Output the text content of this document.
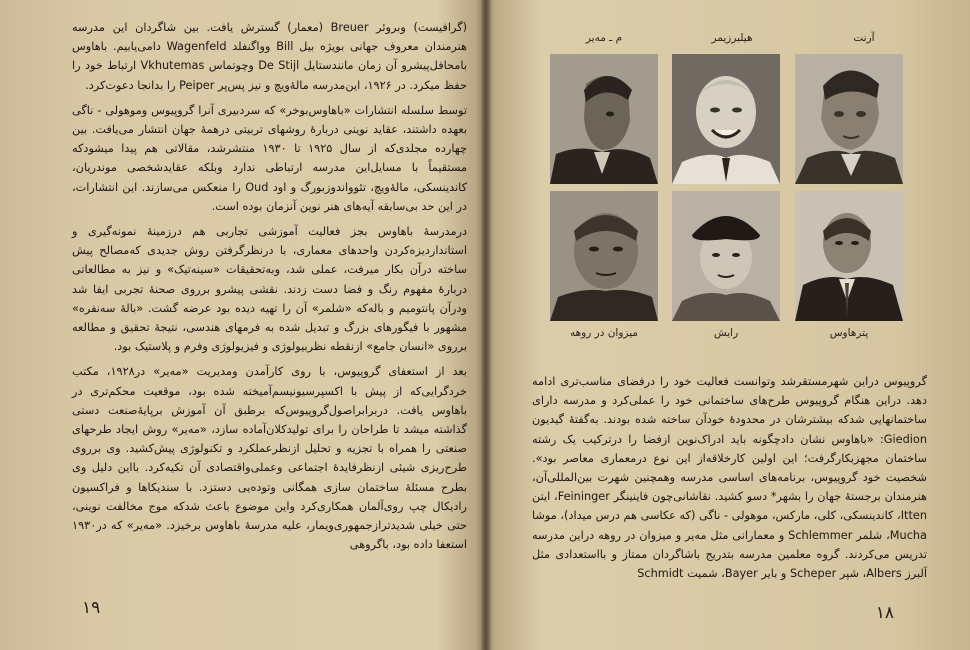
(گرافیست) وبروئر Breuer (معمار) گسترش یافت. بین شاگردان این مدرسه هنرمندان معروف جهانی بویژه بیل Bill وواگنفلد Wagenfeld دامی‌یابیم. باهاوس بامحافل‌پیشرو آن زمان مانند‌ستایل De Stijl وچوتماس Vkhutemas ارتباط خود را حفظ میکرد. در ۱۹۲۶، این‌مدرسه مالهٔ‌ویچ و نیز پس‌پر Peiper را بدانجا دعوت‌کرد.

توسط سلسله انتشارات «باهاوس‌بوخر» که سردبیری آنرا گروپیوس وموهولی - ناگی بعهده داشتند، عقاید نوینی دربارهٔ روشهای تربیتی درهمهٔ جهان انتشار می‌یافت. بین چهارده مجلدی‌که از سال ۱۹۲۵ تا ۱۹۳۰ منتشرشد، مقالاتی هم پیدا میشودکه مستقیماً با مسایل‌این مدرسه ارتباطی ندارد وبلکه عقایدشخصی موندریان، کاندینسکی، مالهٔ‌ویچ، تئوواندوزبورگ و اود Oud را منعکس می‌سازند. این انتشارات، در این حد بی‌سابقه آیه‌های هنر نوین آنزمان بوده است.

درمدرسهٔ باهاوس بجز فعالیت آموزشی تجاربی هم درزمینهٔ نمونه‌گیری و استانداردیزه‌کردن واحدهای معماری، با درنظرگرفتن روش جدیدی که‌مصالح پیش ساخته درآن بکار میرفت، عملی شد، وبه‌تحقیقات «سینه‌تیک» و نیز به مطالعاتی دربارهٔ مفهوم رنگ و فضا دست زدند. نقشی پیشرو برروی صحنهٔ تجربی ایفا شد ودرآن پانتومیم و باله‌که «شلمر» آن را تهیه دیده بود عرضه گشت. «بالهٔ سه‌نفره» مشهور با فیگورهای بزرگ و تبدیل شده به فرمهای هندسی، نتیجهٔ تحقیق و مطالعه برروی «انسان جامع» ازنقطه نظربیولوژی و فیزیولوژی وفرم و پلاستیک بود.

بعد از استعفای گروپیوس، با روی کارآمدن ومدیریت «مه‌یر» در۱۹۲۸، مکتب خردگرایی‌که از پیش با اکسپرسیونیسم‌آمیخته شده بود، موقعیت محکم‌تری در باهاوس یافت. دربرابراصول‌گروپیوس‌که برطبق آن آموزش برپایهٔ‌صنعت دستی گذاشته میشد تا طراحان را برای تولیدکلان‌آماده سازد، «مه‌یر» روش ایجاد طرحهای صنعتی را همراه با تجزیه و تحلیل ازنظرعملکرد و تکنولوژی پیش‌کشید. وی برروی طرح‌ریزی شیئی ازنظرفایدهٔ اجتماعی وعملی‌واقتصادی آن تکیه‌کرد. بااین دلیل وی بطرح مسئلهٔ ساختمان سازی همگانی وتوده‌یی دستزد. با سندیکاها و فراکسیون رادیکال چپ روی‌آلمان همکاری‌کرد واین موضوع باعث شدکه موج مخالفت نوینی، حتی خیلی شدیدترازجمهوری‌ویمار، علیه مدرسهٔ باهاوس برخیزد. «مه‌یر» که در۱۹۳۰ استعفا داده بود، باگروهی

۱۹
آرنت
هیلبرزیمر
م‌ ـ مه‌یر
پترهاوس
رایش
میزوان در روهه

گروپیوس دراین شهرمستقرشد وتوانست فعالیت خود را درفضای مناسب‌تری ادامه دهد. دراین هنگام گروپیوس طرح‌های ساختمانی خود را عملی‌کرد و مدرسه دارای ساختمانهایی شدکه بیشترشان در محدودهٔ خودآن ساخته شده بودند. به‌گفتهٔ گیدیون Giedion: «باهاوس نشان دادچگونه باید ادراک‌نوین ازفضا را درترکیب یک رشته ساختمان مجهزبکارگرفت؛ این اولین کارخلاقه‌از این نوع درمعماری معاصر بود». شخصیت خود گروپیوس، برنامه‌های اساسی مدرسه وهمچنین شهرت بین‌المللی‌آن، هنرمندان برجستهٔ جهان را بشهر* دسو کشید. نقاشانی‌چون فاینینگر Feininger، ایتن Itten، کاندینسکی، کلی، مارکس، موهولی - ناگی (که عکاسی هم درس میداد)، موشا Mucha، شلمر Schlemmer و معمارانی مثل مه‌یر و میزوان در روهه دراین مدرسه تدریس می‌کردند. گروه معلمین مدرسه بتدریج باشاگردان ممتاز و بااستعدادی مثل آلبرز Albers، شپر Scheper و بایر Bayer، شمیت Schmidt

۱۸
